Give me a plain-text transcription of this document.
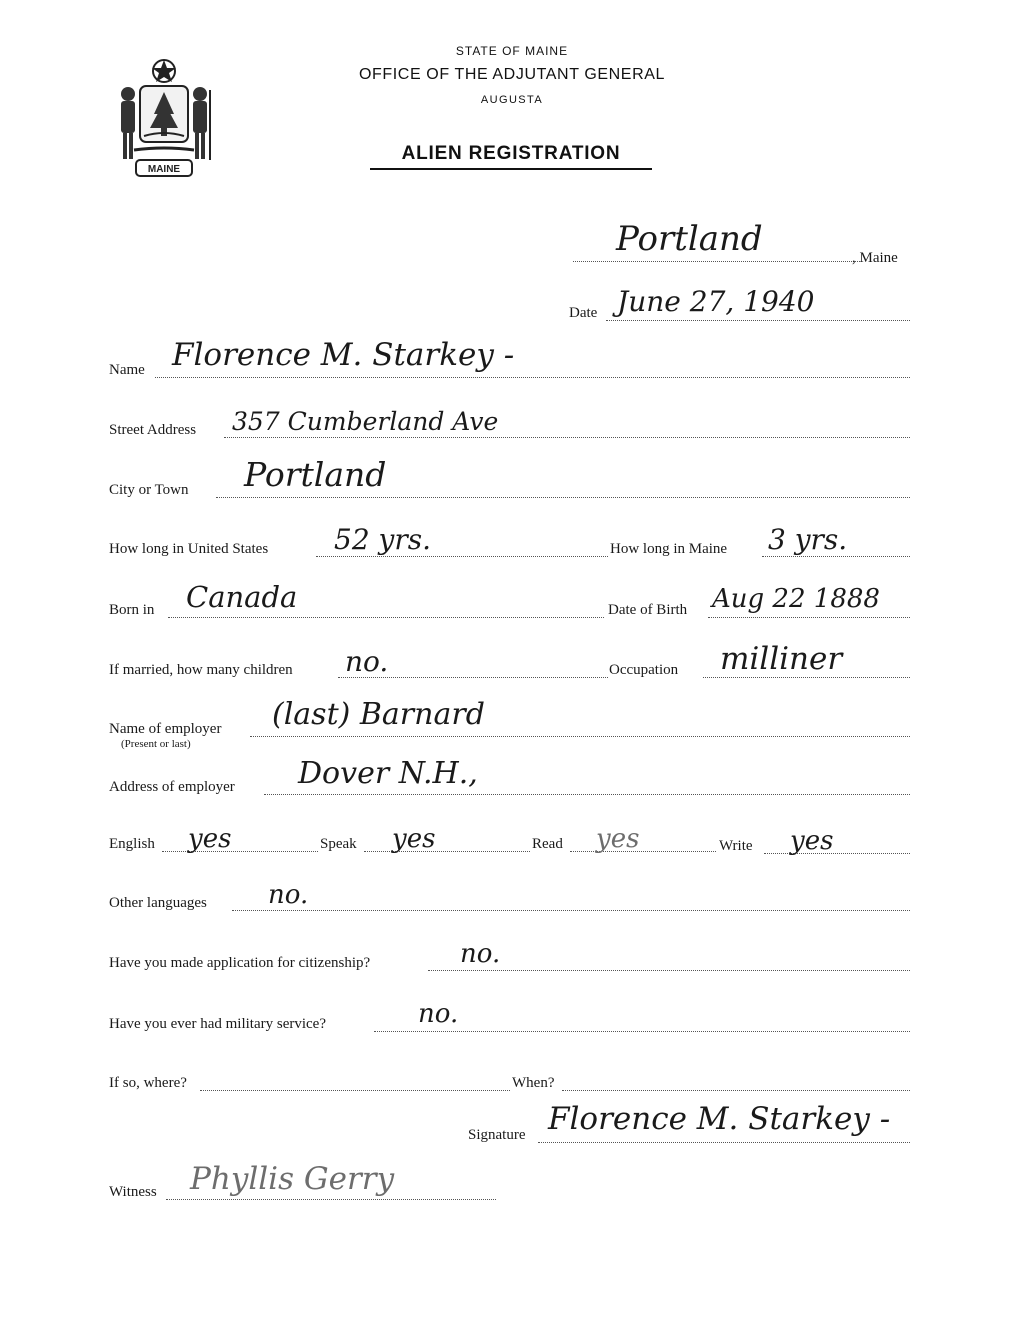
MAINE
STATE OF MAINE
OFFICE OF THE ADJUTANT GENERAL
AUGUSTA
ALIEN REGISTRATION
Portland	, Maine
Date June 27, 1940
Name Florence M. Starkey -
Street Address 357 Cumberland Ave
City or Town Portland
How long in United States 52 yrs.	How long in Maine 3 yrs.
Born in Canada	Date of Birth Aug 22 1888
If married, how many children no.	Occupation milliner
Name of employer
(Present or last)
(last) Barnard
Address of employer Dover N.H.,
English yes	Speak yes	Read yes	Write yes
Other languages no.
Have you made application for citizenship?	no.
Have you ever had military service?	no.
If so, where?	When?
Signature Florence M. Starkey -
Witness Phyllis Gerry
